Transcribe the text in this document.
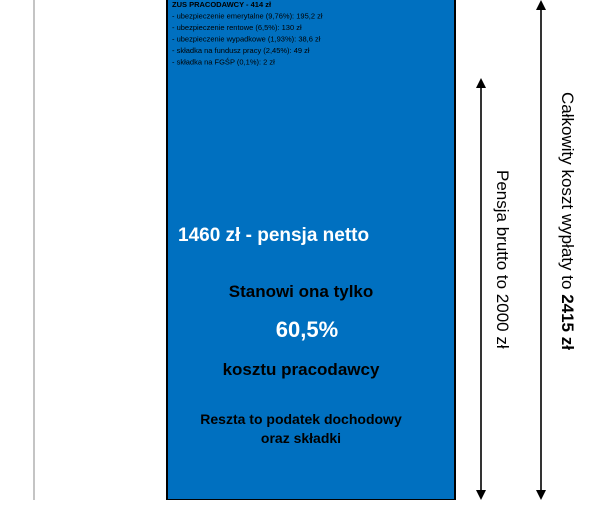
1460 zł - pensja netto
Stanowi ona tylko
60,5%
kosztu pracodawcy
Reszta to podatek dochodowy
oraz składki
ZUS PRACODAWCY - 414 zł
- ubezpieczenie emerytalne (9,76%): 195,2 zł
- ubezpieczenie rentowe (6,5%): 130 zł
- ubezpieczenie wypadkowe (1,93%): 38,6 zł
- składka na fundusz pracy (2,45%): 49 zł
- składka na FGŚP (0,1%): 2 zł
Pensja brutto to 2000 zł	Całkowity koszt wypłaty to 2415 zł
